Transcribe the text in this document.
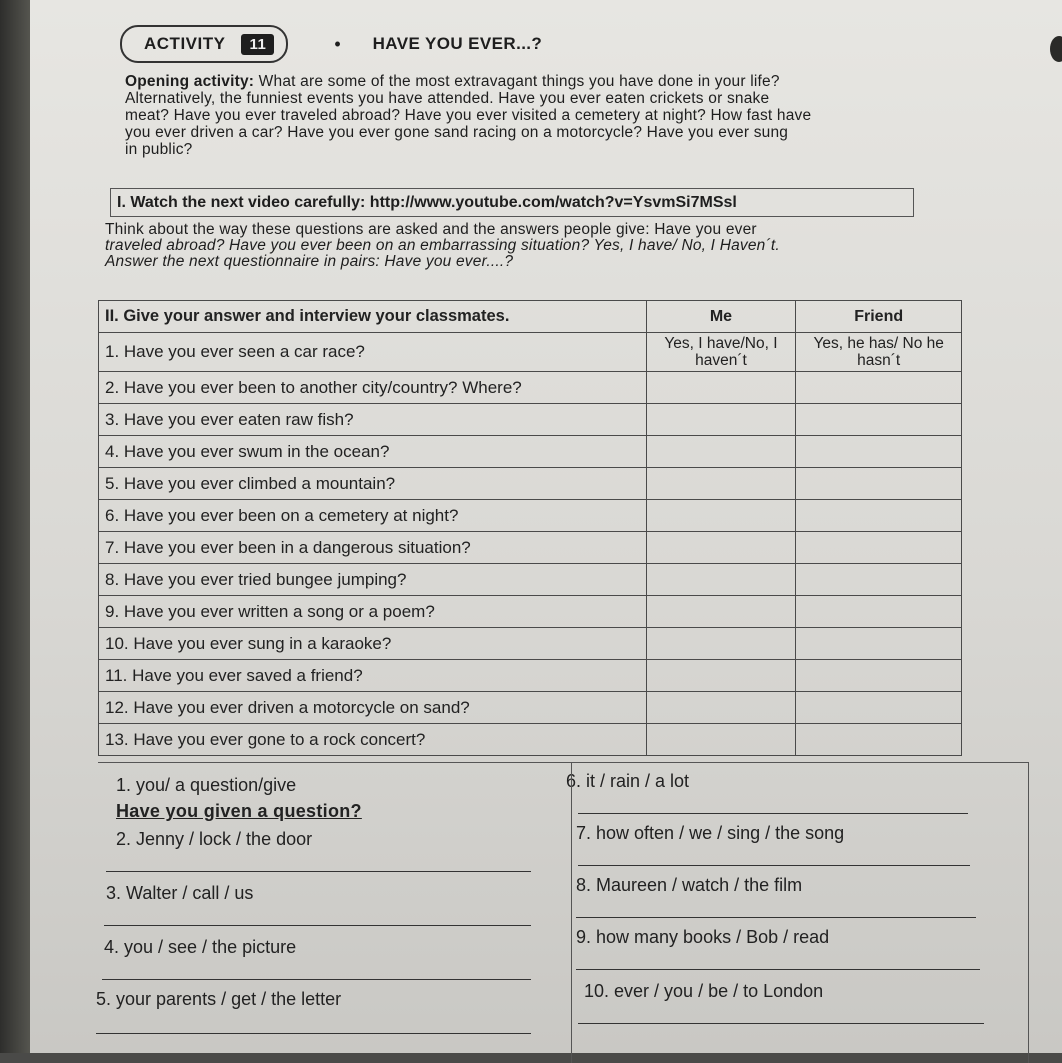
ACTIVITY	11	• HAVE YOU EVER...?
Opening activity: What are some of the most extravagant things you have done in your life?
Alternatively, the funniest events you have attended. Have you ever eaten crickets or snake
meat? Have you ever traveled abroad? Have you ever visited a cemetery at night? How fast have
you ever driven a car? Have you ever gone sand racing on a motorcycle? Have you ever sung
in public?
I. Watch the next video carefully: http://www.youtube.com/watch?v=YsvmSi7MSsl
Think about the way these questions are asked and the answers people give: Have you ever
traveled abroad? Have you ever been on an embarrassing situation? Yes, I have/ No, I Haven´t.
Answer the next questionnaire in pairs: Have you ever....?
II. Give your answer and interview your classmates.	Me	Friend
1. Have you ever seen a car race?	Yes, I have/No, I haven´t	Yes, he has/ No he hasn´t
2. Have you ever been to another city/country? Where?		
3. Have you ever eaten raw fish?		
4. Have you ever swum in the ocean?		
5. Have you ever climbed a mountain?		
6. Have you ever been on a cemetery at night?		
7. Have you ever been in a dangerous situation?		
8. Have you ever tried bungee jumping?		
9. Have you ever written a song or a poem?		
10. Have you ever sung in a karaoke?		
11. Have you ever saved a friend?		
12. Have you ever driven a motorcycle on sand?		
13. Have you ever gone to a rock concert?		
1. you/ a question/give
Have you given a question?
2. Jenny / lock / the door
3. Walter / call / us
4. you / see / the picture
5. your parents / get / the letter
6. it / rain / a lot
7. how often / we / sing / the song
8. Maureen / watch / the film
9. how many books / Bob / read
10. ever / you / be / to London
